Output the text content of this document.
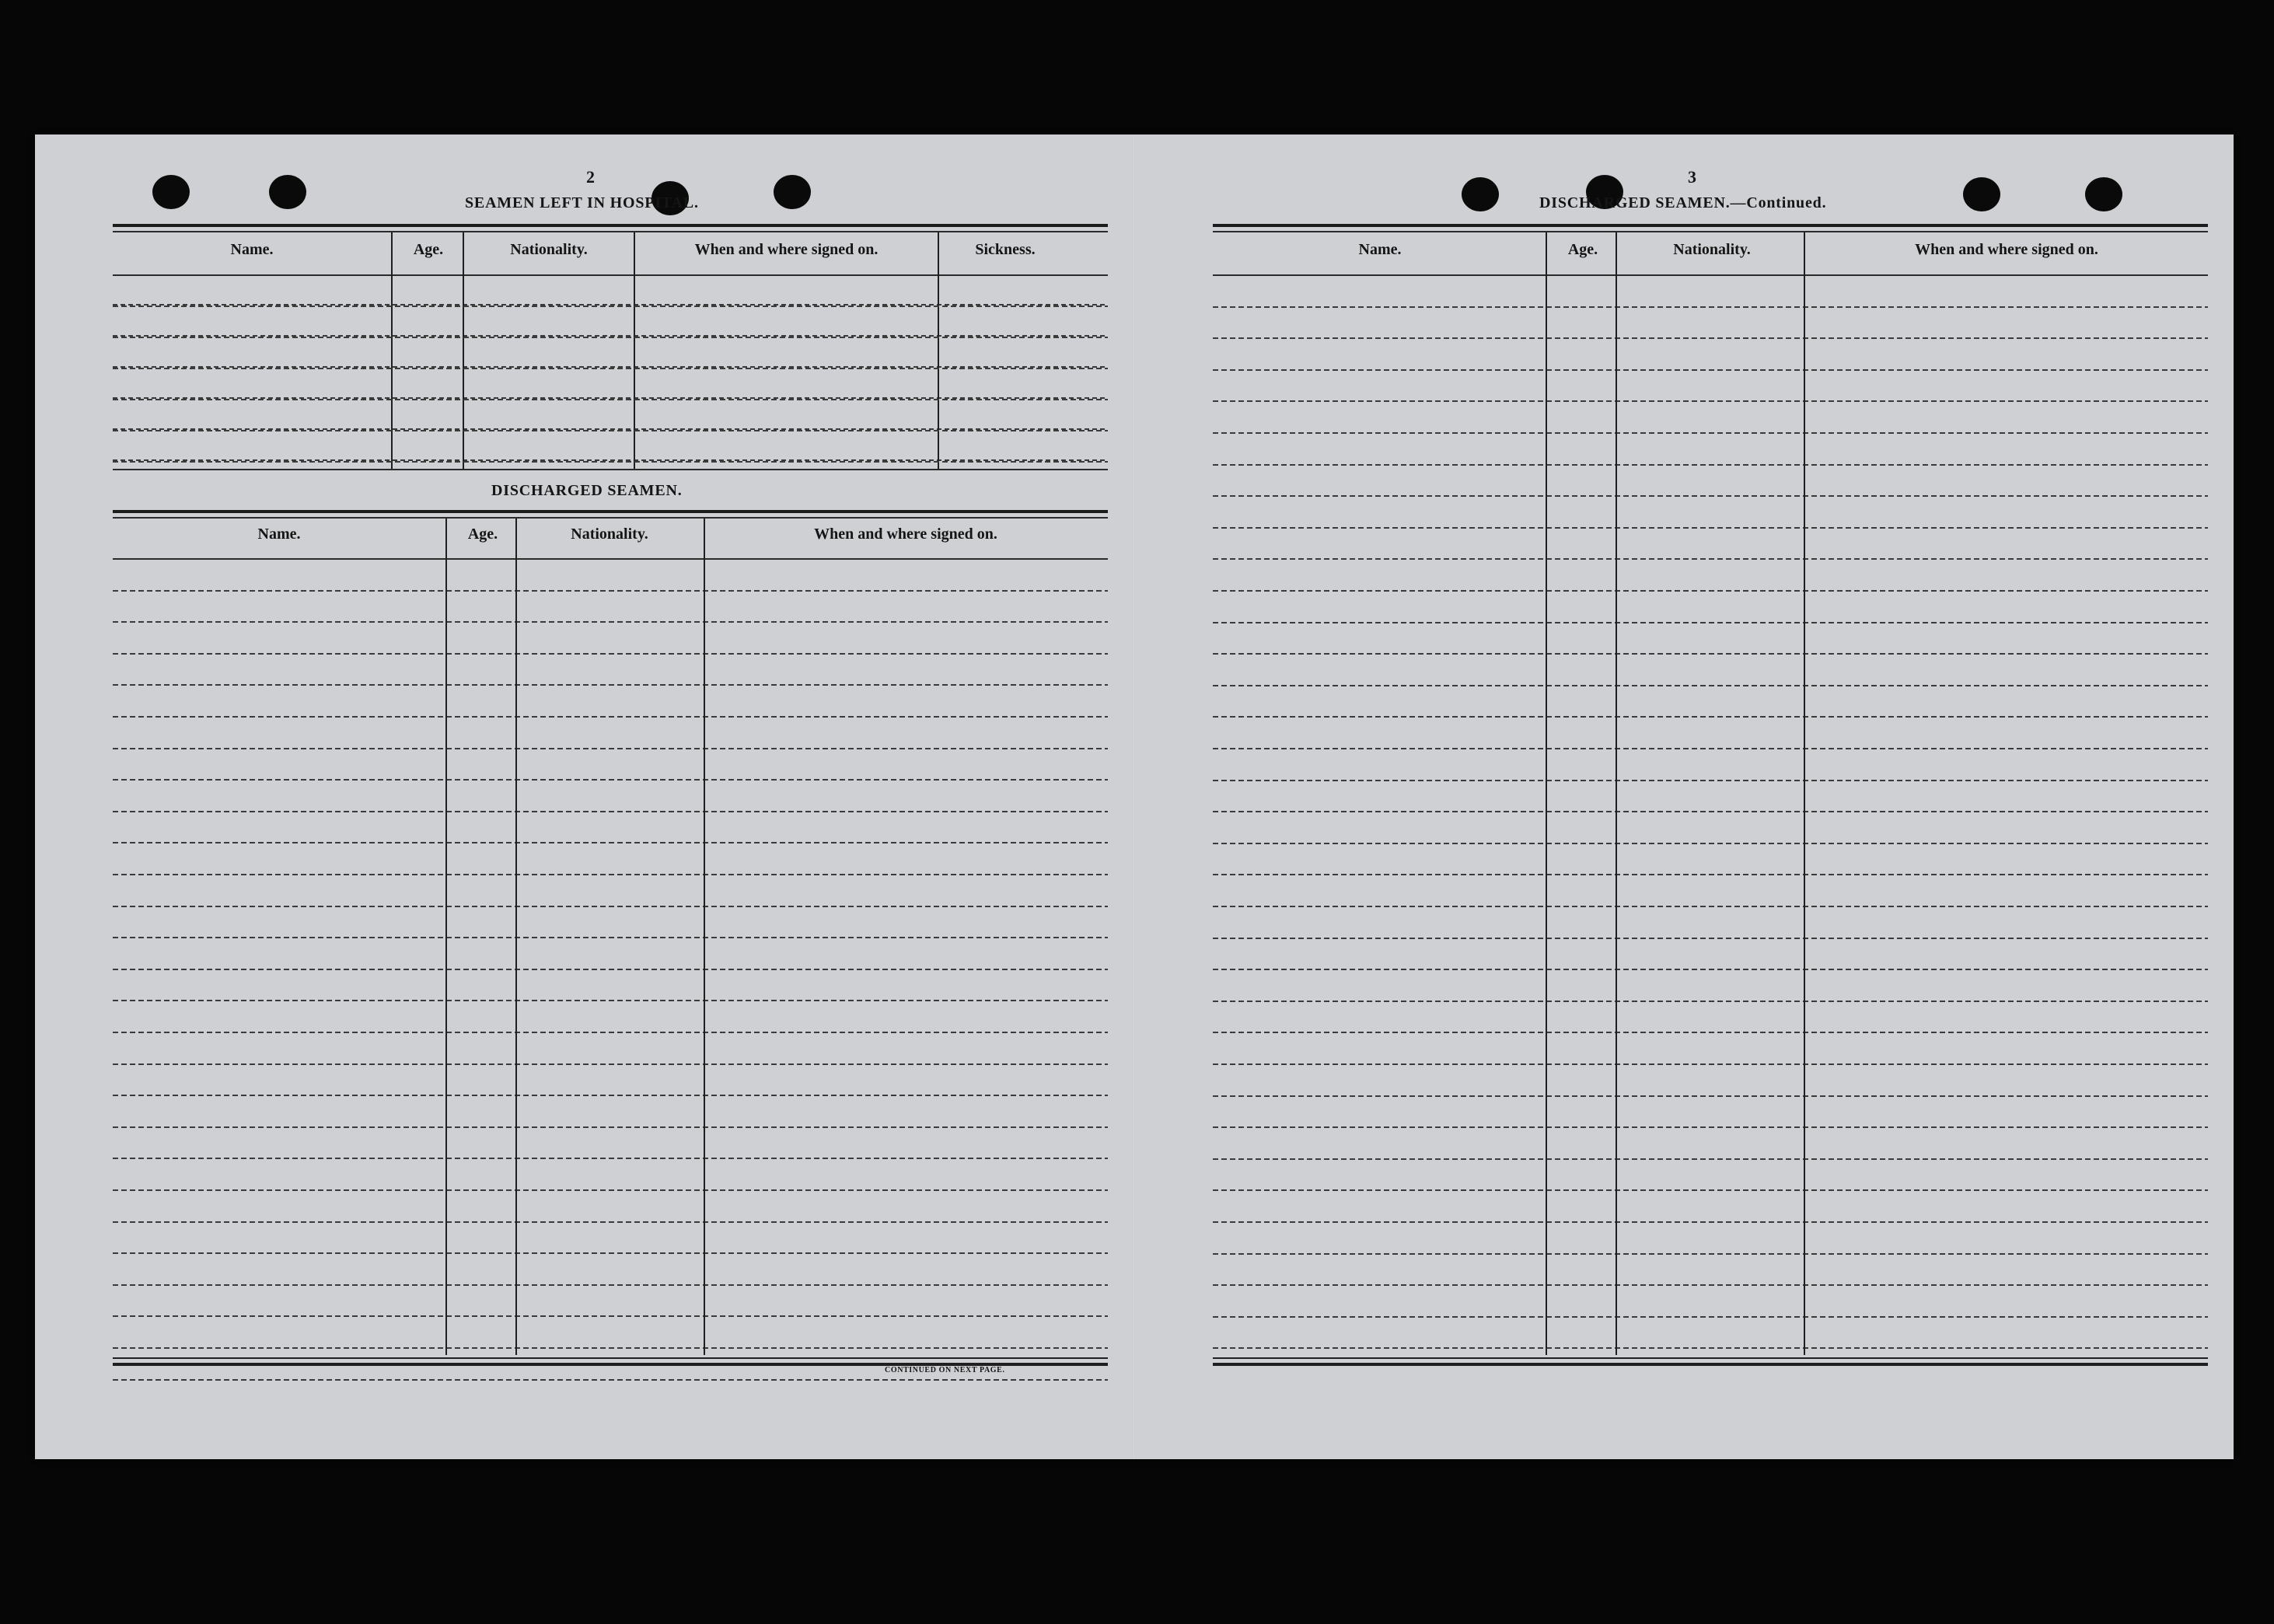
2
SEAMEN LEFT IN HOSPITAL.
Name.	Age.	Nationality.	When and where signed on.	Sickness.
DISCHARGED SEAMEN.
Name.	Age.	Nationality.	When and where signed on.
3
DISCHARGED SEAMEN.—Continued.
Name.	Age.	Nationality.	When and where signed on.
CONTINUED ON NEXT PAGE.
